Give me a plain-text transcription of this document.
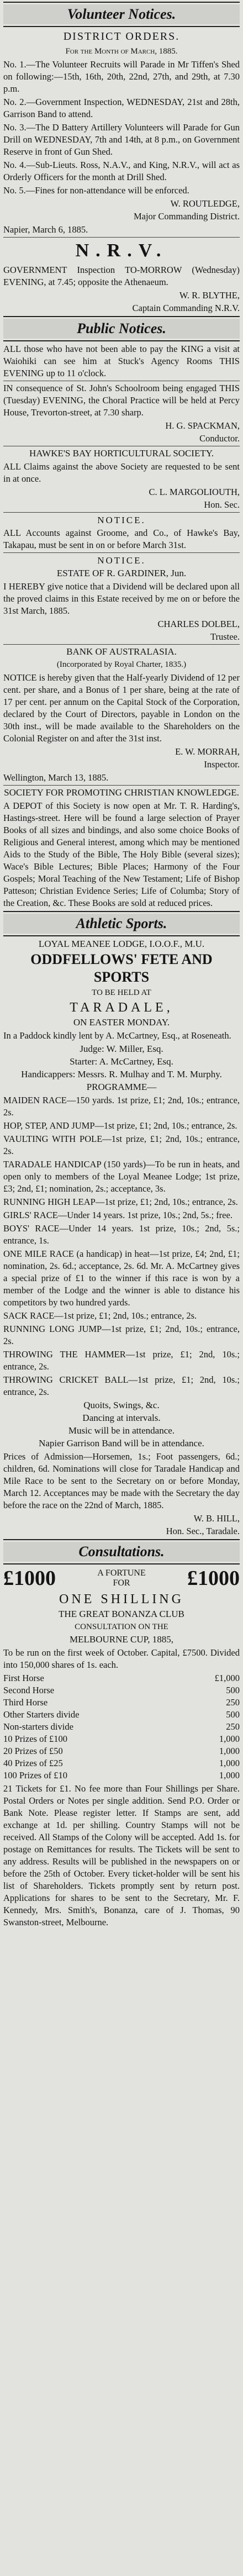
Volunteer Notices.
DISTRICT ORDERS.
For the Month of March, 1885.

No. 1.—The Volunteer Recruits will Parade in Mr Tiffen's Shed on following:—15th, 16th, 20th, 22nd, 27th, and 29th, at 7.30 p.m.

No. 2.—Government Inspection, WEDNESDAY, 21st and 28th, Garrison Band to attend.

No. 3.—The D Battery Artillery Volunteers will Parade for Gun Drill on WEDNESDAY, 7th and 14th, at 8 p.m., on Government Reserve in front of Gun Shed.

No. 4.—Sub-Lieuts. Ross, N.A.V., and King, N.R.V., will act as Orderly Officers for the month at Drill Shed.

No. 5.—Fines for non-attendance will be enforced.

W. ROUTLEDGE,
Major Commanding District.
Napier, March 6, 1885.
N.R.V.

GOVERNMENT Inspection TO-MORROW (Wednesday) EVENING, at 7.45; opposite the Athenaeum.

W. R. BLYTHE,
Captain Commanding N.R.V.
Public Notices.

ALL those who have not been able to pay the KING a visit at Waiohiki can see him at Stuck's Agency Rooms THIS EVENING up to 11 o'clock.

IN consequence of St. John's Schoolroom being engaged THIS (Tuesday) EVENING, the Choral Practice will be held at Percy House, Trevorton-street, at 7.30 sharp.

H. G. SPACKMAN,
Conductor.
HAWKE'S BAY HORTICULTURAL SOCIETY.

ALL Claims against the above Society are requested to be sent in at once.

C. L. MARGOLIOUTH,
Hon. Sec.
NOTICE.

ALL Accounts against Groome, and Co., of Hawke's Bay, Takapau, must be sent in on or before March 31st.

NOTICE.
ESTATE OF R. GARDINER, Jun.

I HEREBY give notice that a Dividend will be declared upon all the proved claims in this Estate received by me on or before the 31st March, 1885.

CHARLES DOLBEL,
Trustee.
BANK OF AUSTRALASIA.
(Incorporated by Royal Charter, 1835.)

NOTICE is hereby given that the Half-yearly Dividend of 12 per cent. per share, and a Bonus of 1 per share, being at the rate of 17 per cent. per annum on the Capital Stock of the Corporation, declared by the Court of Directors, payable in London on the 30th inst., will be made available to the Shareholders on the Colonial Register on and after the 31st inst.

E. W. MORRAH,
Inspector.
Wellington, March 13, 1885.
SOCIETY FOR PROMOTING CHRISTIAN KNOWLEDGE.

A DEPOT of this Society is now open at Mr. T. R. Harding's, Hastings-street. Here will be found a large selection of Prayer Books of all sizes and bindings, and also some choice Books of Religious and General interest, among which may be mentioned Aids to the Study of the Bible, The Holy Bible (several sizes); Wace's Bible Lectures; Bible Places; Harmony of the Four Gospels; Moral Teaching of the New Testament; Life of Bishop Patteson; Christian Evidence Series; Life of Columba; Story of the Creation, &c. These Books are sold at reduced prices.

Athletic Sports.
LOYAL MEANEE LODGE, I.O.O.F., M.U.
ODDFELLOWS' FETE AND SPORTS
TO BE HELD AT
TARADALE,
ON EASTER MONDAY.

In a Paddock kindly lent by A. McCartney, Esq., at Roseneath.

Judge: W. Miller, Esq.
Starter: A. McCartney, Esq.
Handicappers: Messrs. R. Mulhay and T. M. Murphy.
PROGRAMME—

MAIDEN RACE—150 yards. 1st prize, £1; 2nd, 10s.; entrance, 2s.

HOP, STEP, AND JUMP—1st prize, £1; 2nd, 10s.; entrance, 2s.

VAULTING WITH POLE—1st prize, £1; 2nd, 10s.; entrance, 2s.

TARADALE HANDICAP (150 yards)—To be run in heats, and open only to members of the Loyal Meanee Lodge; 1st prize, £3; 2nd, £1; nomination, 2s.; acceptance, 3s.

RUNNING HIGH LEAP—1st prize, £1; 2nd, 10s.; entrance, 2s.

GIRLS' RACE—Under 14 years. 1st prize, 10s.; 2nd, 5s.; free.

BOYS' RACE—Under 14 years. 1st prize, 10s.; 2nd, 5s.; entrance, 1s.

ONE MILE RACE (a handicap) in heat—1st prize, £4; 2nd, £1; nomination, 2s. 6d.; acceptance, 2s. 6d. Mr. A. McCartney gives a special prize of £1 to the winner if this race is won by a member of the Lodge and the winner is able to distance his competitors by two hundred yards.

SACK RACE—1st prize, £1; 2nd, 10s.; entrance, 2s.

RUNNING LONG JUMP—1st prize, £1; 2nd, 10s.; entrance, 2s.

THROWING THE HAMMER—1st prize, £1; 2nd, 10s.; entrance, 2s.

THROWING CRICKET BALL—1st prize, £1; 2nd, 10s.; entrance, 2s.

Quoits, Swings, &c.
Dancing at intervals.
Music will be in attendance.
Napier Garrison Band will be in attendance.

Prices of Admission—Horsemen, 1s.; Foot passengers, 6d.; children, 6d. Nominations will close for Taradale Handicap and Mile Race to be sent to the Secretary on or before Monday, March 12. Acceptances may be made with the Secretary the day before the race on the 22nd of March, 1885.

W. B. HILL,
Hon. Sec., Taradale.
Consultations.
£1000	A FORTUNE
FOR	£1000
ONE SHILLING
THE GREAT BONANZA CLUB
CONSULTATION ON THE
MELBOURNE CUP, 1885,

To be run on the first week of October. Capital, £7500. Divided into 150,000 shares of 1s. each.

First Horse	£1,000
Second Horse	500
Third Horse	250
Other Starters divide	500
Non-starters divide	250
10 Prizes of £100	1,000
20 Prizes of £50	1,000
40 Prizes of £25	1,000
100 Prizes of £10	1,000

21 Tickets for £1. No fee more than Four Shillings per Share. Postal Orders or Notes per single addition. Send P.O. Order or Bank Note. Please register letter. If Stamps are sent, add exchange at 1d. per shilling. Country Stamps will not be received. All Stamps of the Colony will be accepted. Add 1s. for postage on Remittances for results. The Tickets will be sent to any address. Results will be published in the newspapers on or before the 25th of October. Every ticket-holder will be sent his list of Shareholders. Tickets promptly sent by return post. Applications for shares to be sent to the Secretary, Mr. F. Kennedy, Mrs. Smith's, Bonanza, care of J. Thomas, 90 Swanston-street, Melbourne.
